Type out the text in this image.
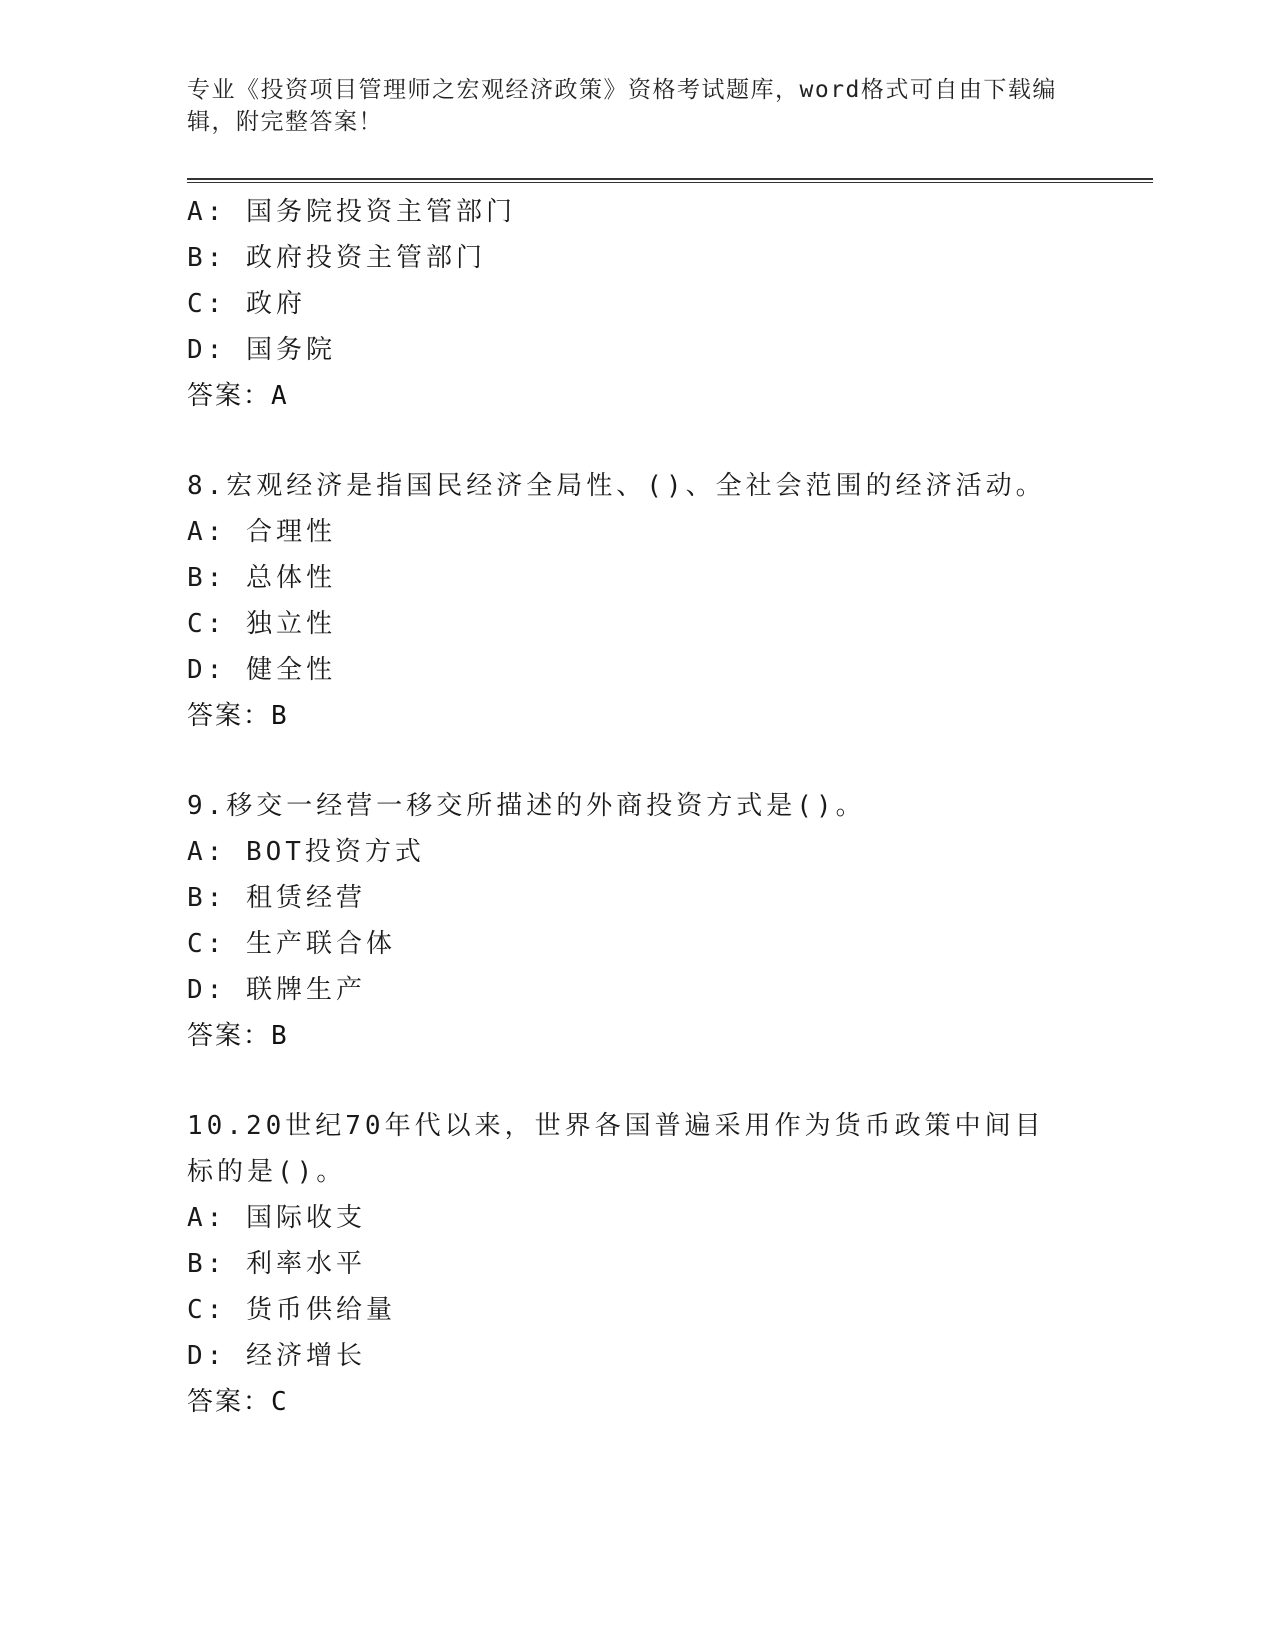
专业《投资项目管理师之宏观经济政策》资格考试题库，word格式可自由下载编辑，附完整答案！
A: 国务院投资主管部门
B: 政府投资主管部门
C: 政府
D: 国务院
答案：A
8.宏观经济是指国民经济全局性、()、全社会范围的经济活动。
A: 合理性
B: 总体性
C: 独立性
D: 健全性
答案：B
9.移交一经营一移交所描述的外商投资方式是()。
A: BOT投资方式
B: 租赁经营
C: 生产联合体
D: 联牌生产
答案：B
10.20世纪70年代以来，世界各国普遍采用作为货币政策中间目标的是()。
A: 国际收支
B: 利率水平
C: 货币供给量
D: 经济增长
答案：C
